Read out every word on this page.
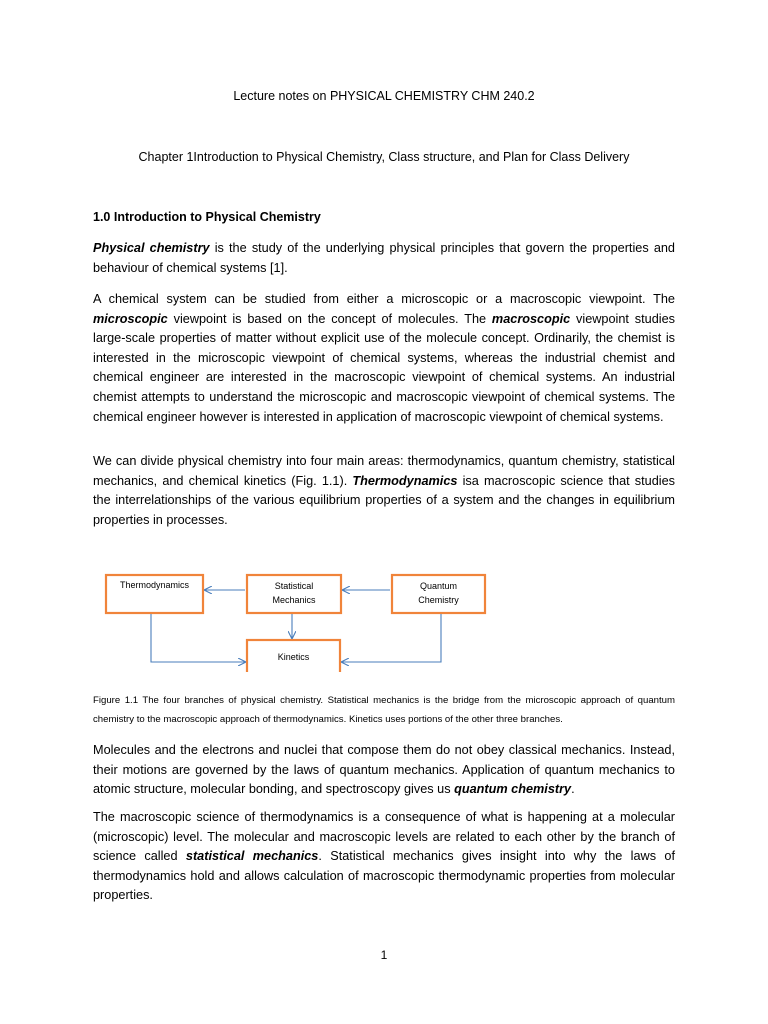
Lecture notes on PHYSICAL CHEMISTRY CHM 240.2
Chapter 1Introduction to Physical Chemistry, Class structure, and Plan for Class Delivery
1.0 Introduction to Physical Chemistry

Physical chemistry is the study of the underlying physical principles that govern the properties and behaviour of chemical systems [1].

A chemical system can be studied from either a microscopic or a macroscopic viewpoint. The microscopic viewpoint is based on the concept of molecules. The macroscopic viewpoint studies large-scale properties of matter without explicit use of the molecule concept. Ordinarily, the chemist is interested in the microscopic viewpoint of chemical systems, whereas the industrial chemist and chemical engineer are interested in the macroscopic viewpoint of chemical systems. An industrial chemist attempts to understand the microscopic and macroscopic viewpoint of chemical systems. The chemical engineer however is interested in application of macroscopic viewpoint of chemical systems.

We can divide physical chemistry into four main areas: thermodynamics, quantum chemistry, statistical mechanics, and chemical kinetics (Fig. 1.1). Thermodynamics isa macroscopic science that studies the interrelationships of the various equilibrium properties of a system and the changes in equilibrium properties in processes.

Thermodynamics	Statistical
Mechanics
Quantum
Chemistry
Kinetics

Figure 1.1 The four branches of physical chemistry. Statistical mechanics is the bridge from the microscopic approach of quantum chemistry to the macroscopic approach of thermodynamics. Kinetics uses portions of the other three branches.

Molecules and the electrons and nuclei that compose them do not obey classical mechanics. Instead, their motions are governed by the laws of quantum mechanics. Application of quantum mechanics to atomic structure, molecular bonding, and spectroscopy gives us quantum chemistry.

The macroscopic science of thermodynamics is a consequence of what is happening at a molecular (microscopic) level. The molecular and macroscopic levels are related to each other by the branch of science called statistical mechanics. Statistical mechanics gives insight into why the laws of thermodynamics hold and allows calculation of macroscopic thermodynamic properties from molecular properties.

1
